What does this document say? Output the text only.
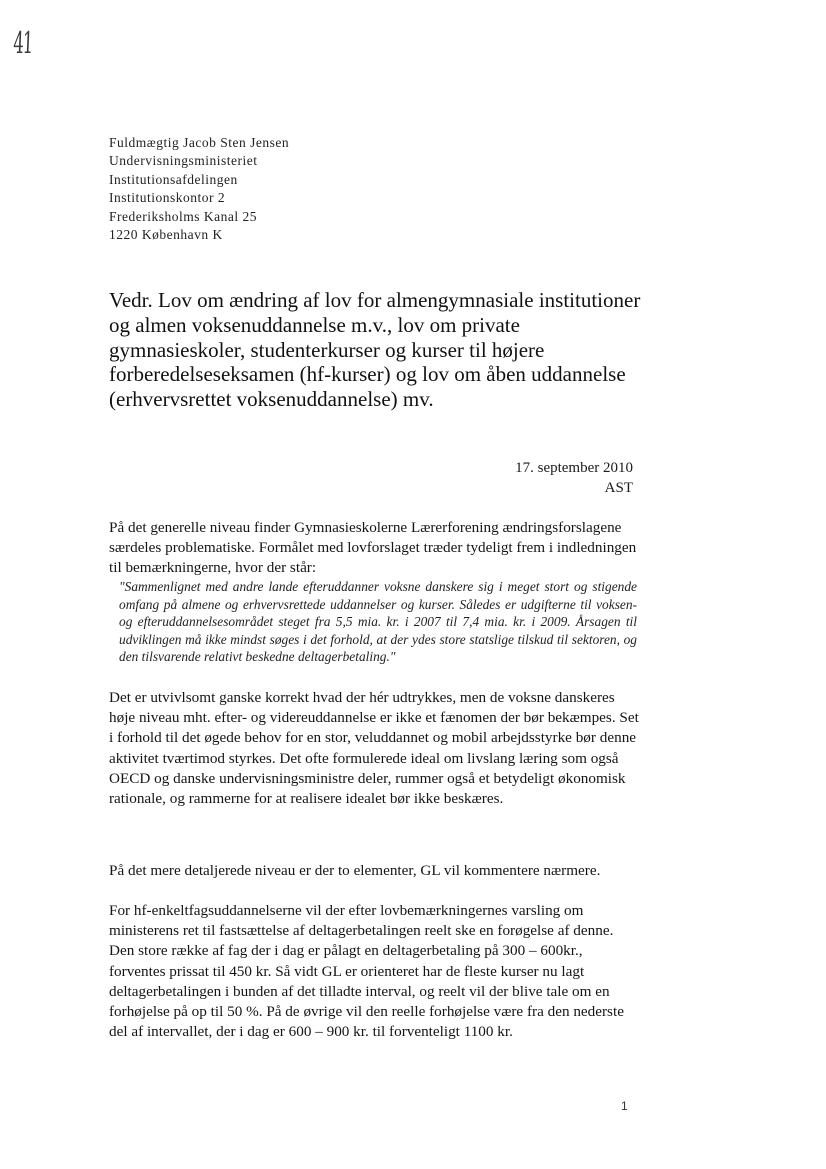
41
Fuldmægtig Jacob Sten Jensen
Undervisningsministeriet
Institutionsafdelingen
Institutionskontor 2
Frederiksholms Kanal 25
1220 København K
Vedr. Lov om ændring af lov for almengymnasiale institutioner og almen voksenuddannelse m.v., lov om private gymnasieskoler, studenterkurser og kurser til højere forberedelseseksamen (hf-kurser) og lov om åben uddannelse (erhvervsrettet voksenuddannelse) mv.
17. september 2010
AST
På det generelle niveau finder Gymnasieskolerne Lærerforening ændringsforslagene særdeles problematiske. Formålet med lovforslaget træder tydeligt frem i indledningen til bemærkningerne, hvor der står:
"Sammenlignet med andre lande efteruddanner voksne danskere sig i meget stort og stigende omfang på almene og erhvervsrettede uddannelser og kurser. Således er udgifterne til voksen- og efteruddannelsesområdet steget fra 5,5 mia. kr. i 2007 til 7,4 mia. kr. i 2009. Årsagen til udviklingen må ikke mindst søges i det forhold, at der ydes store statslige tilskud til sektoren, og den tilsvarende relativt beskedne deltagerbetaling."
Det er utvivlsomt ganske korrekt hvad der hér udtrykkes, men de voksne danskeres høje niveau mht. efter- og videreuddannelse er ikke et fænomen der bør bekæmpes. Set i forhold til det øgede behov for en stor, veluddannet og mobil arbejdsstyrke bør denne aktivitet tværtimod styrkes. Det ofte formulerede ideal om livslang læring som også OECD og danske undervisningsministre deler, rummer også et betydeligt økonomisk rationale, og rammerne for at realisere idealet bør ikke beskæres.
På det mere detaljerede niveau er der to elementer, GL vil kommentere nærmere.
For hf-enkeltfagsuddannelserne vil der efter lovbemærkningernes varsling om ministerens ret til fastsættelse af deltagerbetalingen reelt ske en forøgelse af denne. Den store række af fag der i dag er pålagt en deltagerbetaling på 300 – 600kr., forventes prissat til 450 kr. Så vidt GL er orienteret har de fleste kurser nu lagt deltagerbetalingen i bunden af det tilladte interval, og reelt vil der blive tale om en forhøjelse på op til 50 %. På de øvrige vil den reelle forhøjelse være fra den nederste del af intervallet, der i dag er 600 – 900 kr. til forventeligt 1100 kr.
1
